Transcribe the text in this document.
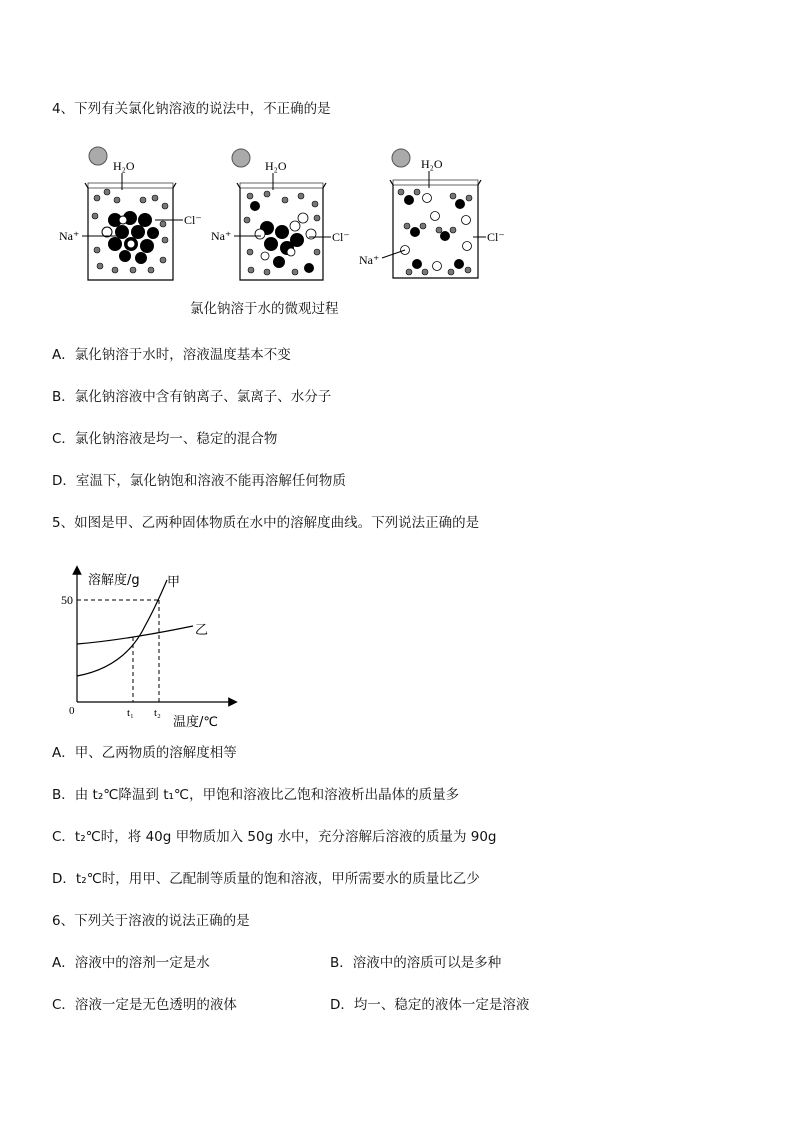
4、下列有关氯化钠溶液的说法中，不正确的是
H₂O
Cl⁻
Na⁺
H₂O
Cl⁻
Na⁺
H₂O
Cl⁻
Na⁺
氯化钠溶于水的微观过程
A．氯化钠溶于水时，溶液温度基本不变
B．氯化钠溶液中含有钠离子、氯离子、水分子
C．氯化钠溶液是均一、稳定的混合物
D．室温下，氯化钠饱和溶液不能再溶解任何物质
5、如图是甲、乙两种固体物质在水中的溶解度曲线。下列说法正确的是
溶解度/g
温度/℃
0
50
甲
乙
t₁ t₂
A．甲、乙两物质的溶解度相等
B．由 t₂℃降温到 t₁℃，甲饱和溶液比乙饱和溶液析出晶体的质量多
C．t₂℃时，将 40g 甲物质加入 50g 水中，充分溶解后溶液的质量为 90g
D．t₂℃时，用甲、乙配制等质量的饱和溶液，甲所需要水的质量比乙少
6、下列关于溶液的说法正确的是
A．溶液中的溶剂一定是水	B．溶液中的溶质可以是多种
C．溶液一定是无色透明的液体	D．均一、稳定的液体一定是溶液
